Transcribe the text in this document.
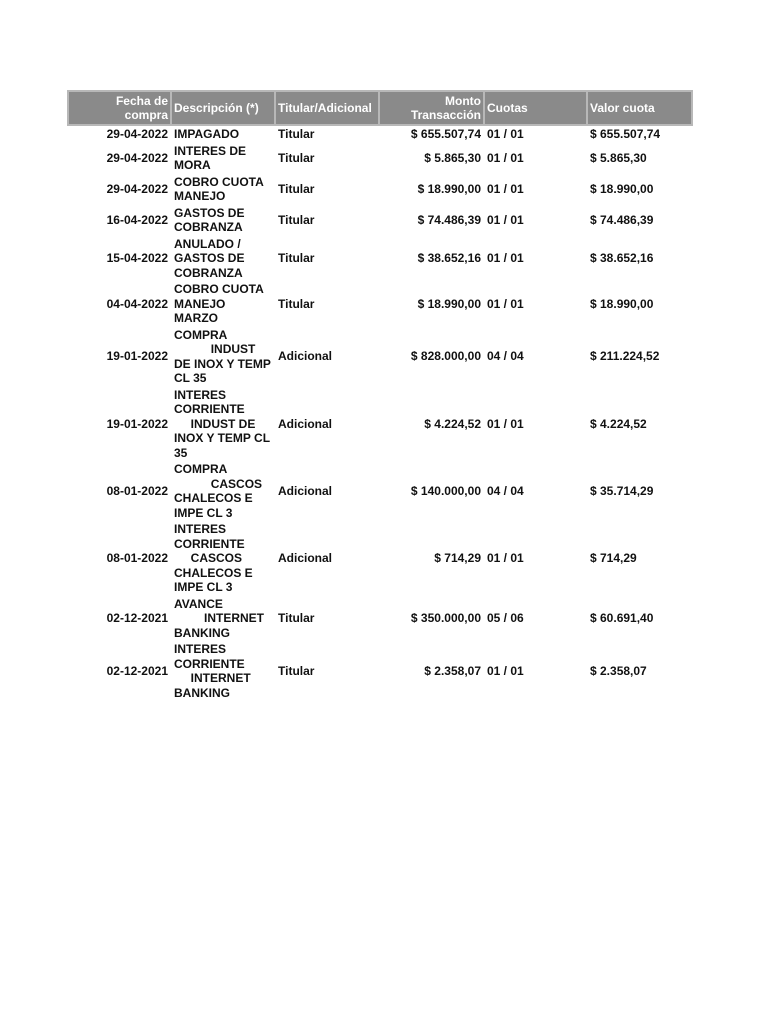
Fecha de compra	Descripción (*)	Titular/Adicional	Monto Transacción	Cuotas	Valor cuota
29-04-2022	IMPAGADO	Titular	$ 655.507,74	01 / 01	$ 655.507,74
29-04-2022	INTERES DE MORA	Titular	$ 5.865,30	01 / 01	$ 5.865,30
29-04-2022	COBRO CUOTA MANEJO	Titular	$ 18.990,00	01 / 01	$ 18.990,00
16-04-2022	GASTOS DE COBRANZA	Titular	$ 74.486,39	01 / 01	$ 74.486,39
15-04-2022	ANULADO / GASTOS DE COBRANZA	Titular	$ 38.652,16	01 / 01	$ 38.652,16
04-04-2022	COBRO CUOTA MANEJO MARZO	Titular	$ 18.990,00	01 / 01	$ 18.990,00
19-01-2022	COMPRA
INDUST DE INOX Y TEMP CL 35	Adicional	$ 828.000,00	04 / 04	$ 211.224,52
19-01-2022	INTERES CORRIENTE
INDUST DE INOX Y TEMP CL 35	Adicional	$ 4.224,52	01 / 01	$ 4.224,52
08-01-2022	COMPRA
CASCOS CHALECOS E IMPE CL 3	Adicional	$ 140.000,00	04 / 04	$ 35.714,29
08-01-2022	INTERES CORRIENTE
CASCOS CHALECOS E IMPE CL 3	Adicional	$ 714,29	01 / 01	$ 714,29
02-12-2021	AVANCE
INTERNET BANKING	Titular	$ 350.000,00	05 / 06	$ 60.691,40
02-12-2021	INTERES CORRIENTE
INTERNET BANKING	Titular	$ 2.358,07	01 / 01	$ 2.358,07
